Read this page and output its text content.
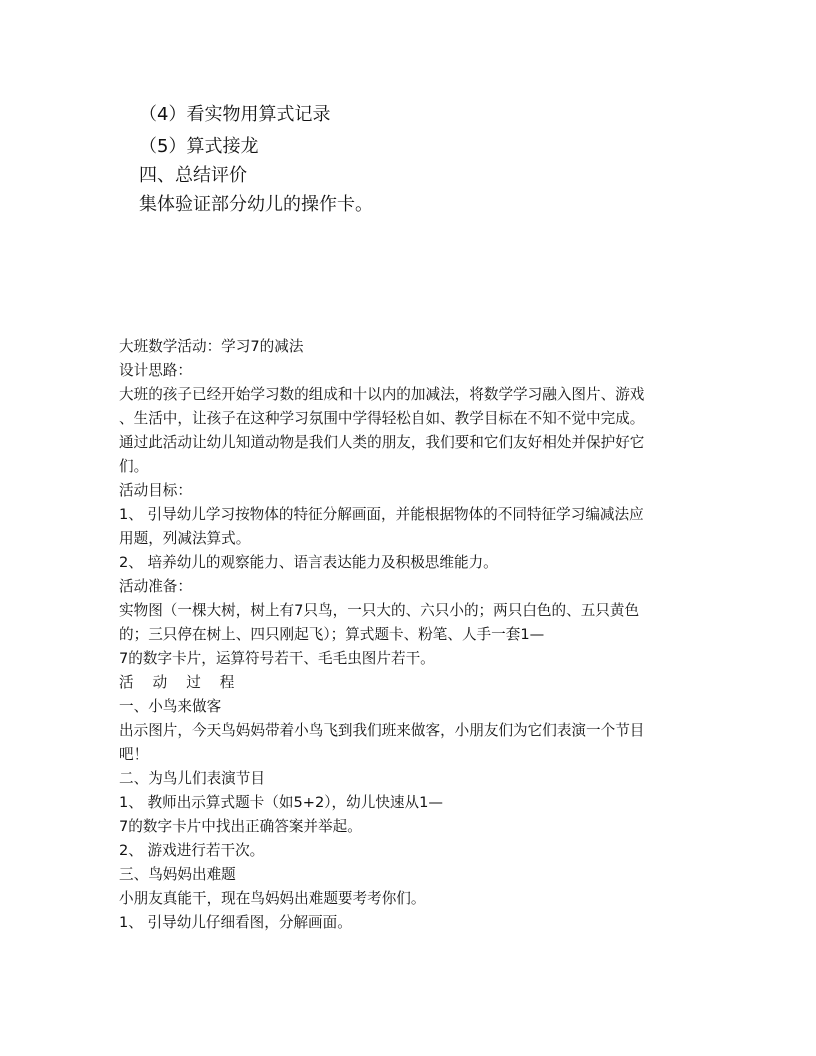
（4）看实物用算式记录

（5）算式接龙

四、总结评价

集体验证部分幼儿的操作卡。

大班数学活动：学习7的减法

设计思路：

大班的孩子已经开始学习数的组成和十以内的加减法，将数学学习融入图片、游戏

、生活中，让孩子在这种学习氛围中学得轻松自如、教学目标在不知不觉中完成。

通过此活动让幼儿知道动物是我们人类的朋友，我们要和它们友好相处并保护好它

们。

活动目标：

1、 引导幼儿学习按物体的特征分解画面，并能根据物体的不同特征学习编减法应

用题，列减法算式。

2、 培养幼儿的观察能力、语言表达能力及积极思维能力。

活动准备：

实物图（一棵大树，树上有7只鸟，一只大的、六只小的；两只白色的、五只黄色

的；三只停在树上、四只刚起飞）；算式题卡、粉笔、人手一套1—

7的数字卡片，运算符号若干、毛毛虫图片若干。

活动过程

一、小鸟来做客

出示图片，今天鸟妈妈带着小鸟飞到我们班来做客，小朋友们为它们表演一个节目

吧！

二、为鸟儿们表演节目

1、 教师出示算式题卡（如5+2），幼儿快速从1—

7的数字卡片中找出正确答案并举起。

2、 游戏进行若干次。

三、鸟妈妈出难题

小朋友真能干，现在鸟妈妈出难题要考考你们。

1、 引导幼儿仔细看图，分解画面。
